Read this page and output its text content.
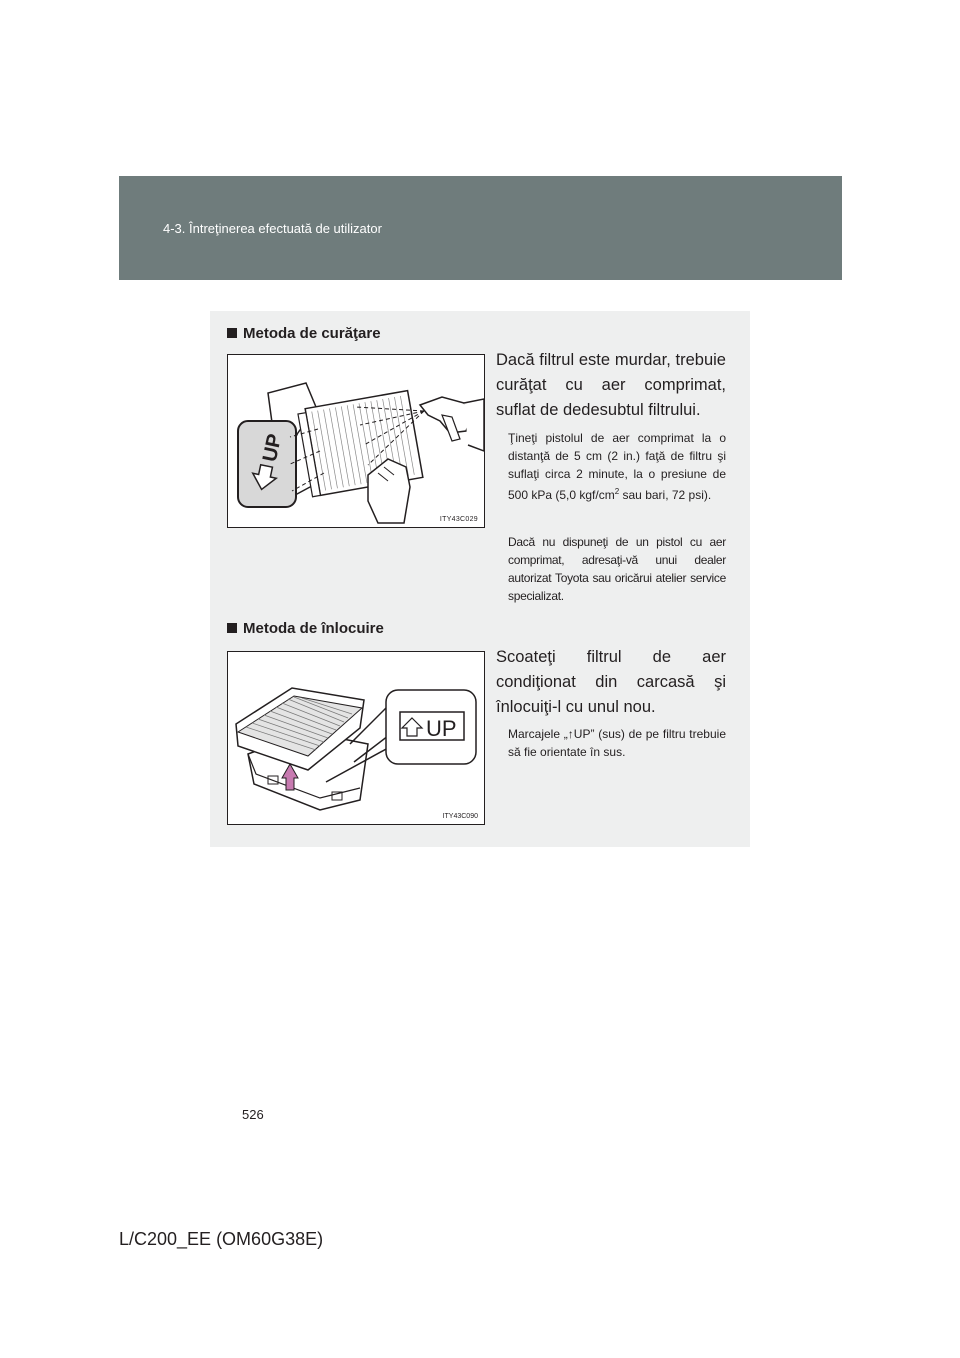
4-3. Întreţinerea efectuată de utilizator
Metoda de curăţare
UP
ITY43C029
Dacă filtrul este murdar, trebuie curăţat cu aer comprimat, suflat de dedesubtul filtrului.
Ţineţi pistolul de aer comprimat la o distanţă de 5 cm (2 in.) faţă de filtru şi suflaţi circa 2 minute, la o presiune de 500 kPa (5,0 kgf/$cm^2$ sau bari, 72 psi).
Dacă nu dispuneţi de un pistol cu aer comprimat, adresaţi-vă unui dealer autorizat Toyota sau oricărui atelier service specializat.
Metoda de înlocuire
UP
ITY43C090
Scoateţi filtrul de aer condiţionat din carcasă şi înlocuiţi-l cu unul nou.
Marcajele „↑UP” (sus) de pe filtru trebuie să fie orientate în sus.
526
L/C200_EE (OM60G38E)
